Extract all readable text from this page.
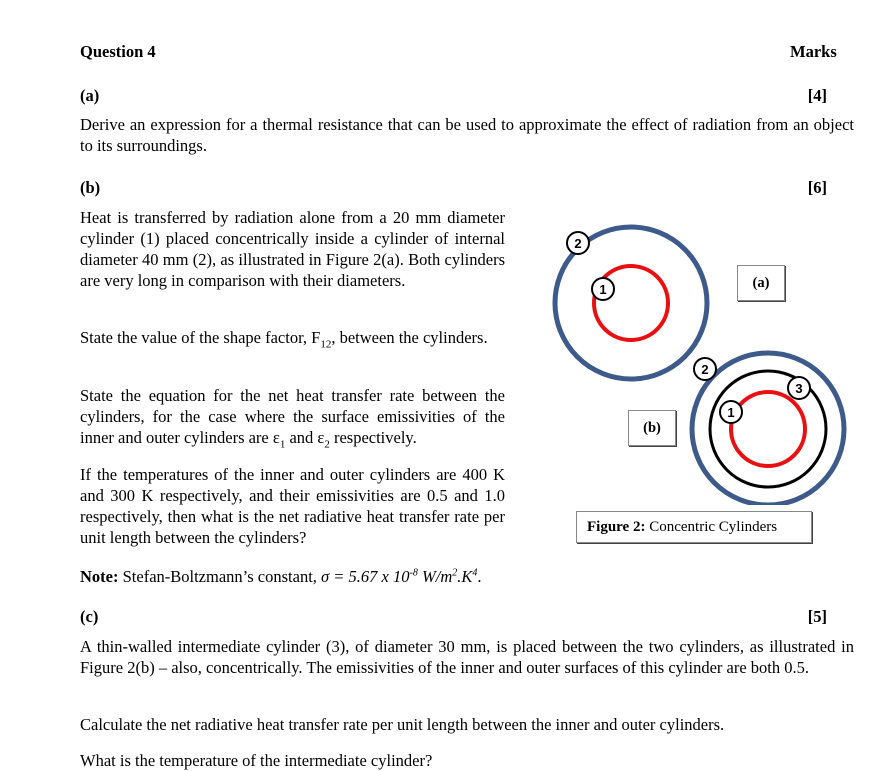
Question 4	Marks
(a)	[4]
Derive an expression for a thermal resistance that can be used to approximate the effect of radiation from an object to its surroundings.
(b)	[6]
Heat is transferred by radiation alone from a 20 mm diameter cylinder (1) placed concentrically inside a cylinder of internal diameter 40 mm (2), as illustrated in Figure 2(a). Both cylinders are very long in comparison with their diameters.
State the value of the shape factor, $F_{12}$, between the cylinders.
State the equation for the net heat transfer rate between the cylinders, for the case where the surface emissivities of the inner and outer cylinders are $\varepsilon_1$ and $\varepsilon_2$ respectively.
If the temperatures of the inner and outer cylinders are 400 K and 300 K respectively, and their emissivities are 0.5 and 1.0 respectively, then what is the net radiative heat transfer rate per unit length between the cylinders?
Note: Stefan-Boltzmann’s constant, σ = 5.67 x $10^{-8}$ $W/m^2.K^4$.
2
1
2
3
1
(a)
(b)
Figure 2: Concentric Cylinders
(c)	[5]
A thin-walled intermediate cylinder (3), of diameter 30 mm, is placed between the two cylinders, as illustrated in Figure 2(b) – also, concentrically. The emissivities of the inner and outer surfaces of this cylinder are both 0.5.
Calculate the net radiative heat transfer rate per unit length between the inner and outer cylinders.
What is the temperature of the intermediate cylinder?
